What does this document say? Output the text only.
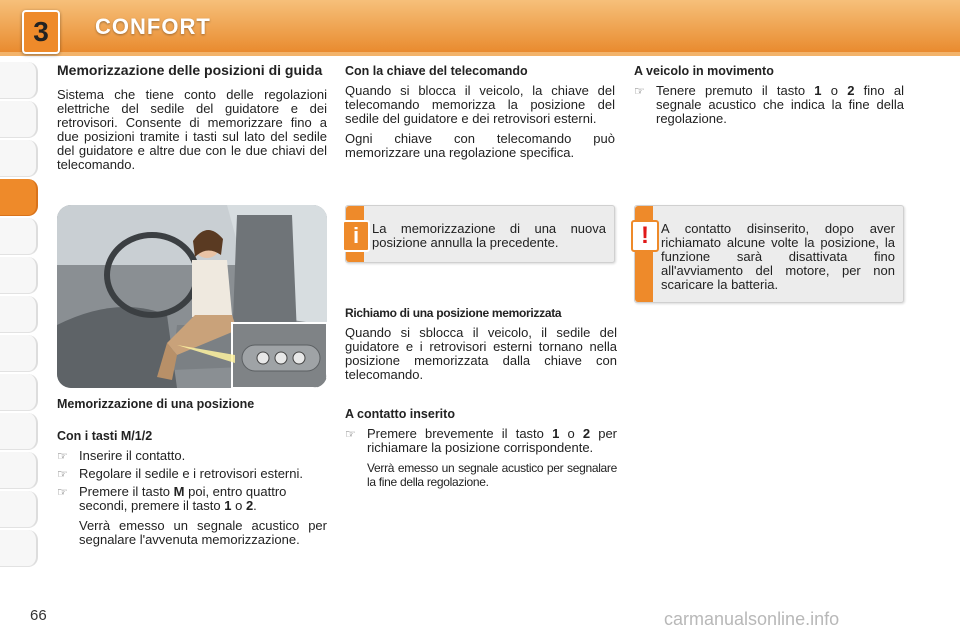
3	CONFORT
Memorizzazione delle posizioni di guida

Sistema che tiene conto delle regolazioni elettriche del sedile del guidatore e dei retrovisori. Consente di memorizzare fino a due posizioni tramite i tasti sul lato del sedile del guidatore e altre due con le due chiavi del telecomando.

Memorizzazione di una posizione
Con i tasti M/1/2
☞ Inserire il contatto.
☞ Regolare il sedile e i retrovisori esterni.
☞ Premere il tasto M poi, entro quattro secondi, premere il tasto 1 o 2.

Verrà emesso un segnale acustico per segnalare l'avvenuta memorizzazione.

Con la chiave del telecomando

Quando si blocca il veicolo, la chiave del telecomando memorizza la posizione del sedile del guidatore e dei retrovisori esterni.

Ogni chiave con telecomando può memorizzare una regolazione specifica.

i La memorizzazione di una nuova posizione annulla la precedente.
Richiamo di una posizione memorizzata

Quando si sblocca il veicolo, il sedile del guidatore e i retrovisori esterni tornano nella posizione memorizzata dalla chiave con telecomando.

A contatto inserito
☞ Premere brevemente il tasto 1 o 2 per richiamare la posizione corrispondente.

Verrà emesso un segnale acustico per segnalare la fine della regolazione.

A veicolo in movimento
☞ Tenere premuto il tasto 1 o 2 fino al segnale acustico che indica la fine della regolazione.
! A contatto disinserito, dopo aver richiamato alcune volte la posizione, la funzione sarà disattivata fino all'avviamento del motore, per non scaricare la batteria.
66	carmanualsonline.info
